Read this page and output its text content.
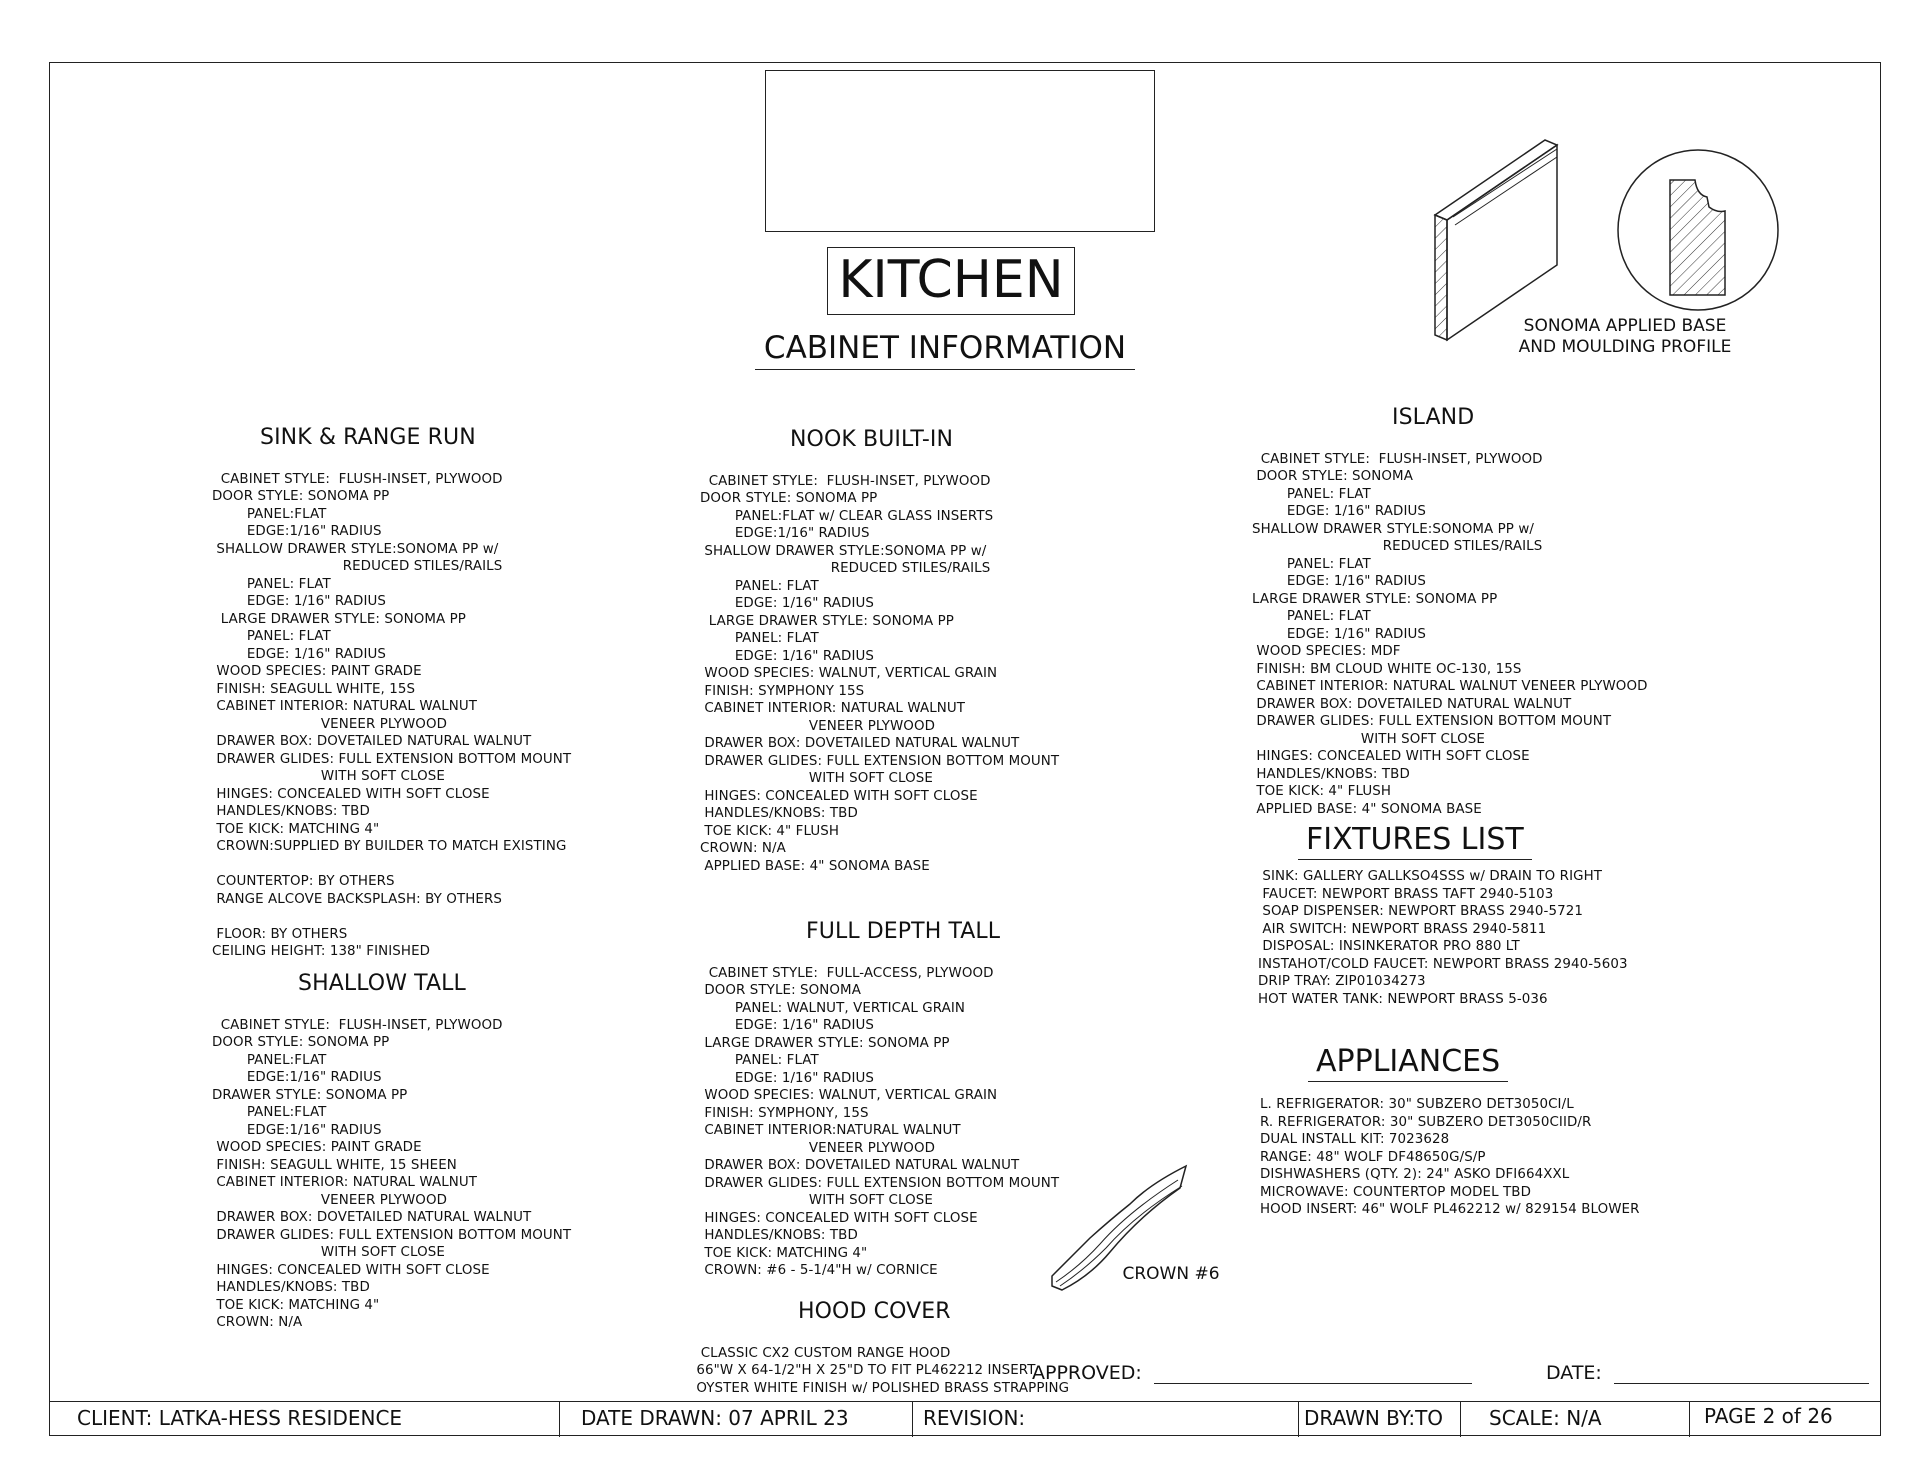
KITCHEN
CABINET INFORMATION
SONOMA APPLIED BASE
AND MOULDING PROFILE

SINK & RANGE RUN

CABINET STYLE:  FLUSH-INSET, PLYWOOD
DOOR STYLE: SONOMA PP
PANEL:FLAT
EDGE:1/16" RADIUS
SHALLOW DRAWER STYLE:SONOMA PP w/
REDUCED STILES/RAILS
PANEL: FLAT
EDGE: 1/16" RADIUS
LARGE DRAWER STYLE: SONOMA PP
PANEL: FLAT
EDGE: 1/16" RADIUS
WOOD SPECIES: PAINT GRADE
FINISH: SEAGULL WHITE, 15S
CABINET INTERIOR: NATURAL WALNUT
VENEER PLYWOOD
DRAWER BOX: DOVETAILED NATURAL WALNUT
DRAWER GLIDES: FULL EXTENSION BOTTOM MOUNT
WITH SOFT CLOSE
HINGES: CONCEALED WITH SOFT CLOSE
HANDLES/KNOBS: TBD
TOE KICK: MATCHING 4"
CROWN:SUPPLIED BY BUILDER TO MATCH EXISTING

COUNTERTOP: BY OTHERS
RANGE ALCOVE BACKSPLASH: BY OTHERS

FLOOR: BY OTHERS
CEILING HEIGHT: 138" FINISHED

SHALLOW TALL

CABINET STYLE:  FLUSH-INSET, PLYWOOD
DOOR STYLE: SONOMA PP
PANEL:FLAT
EDGE:1/16" RADIUS
DRAWER STYLE: SONOMA PP
PANEL:FLAT
EDGE:1/16" RADIUS
WOOD SPECIES: PAINT GRADE
FINISH: SEAGULL WHITE, 15 SHEEN
CABINET INTERIOR: NATURAL WALNUT
VENEER PLYWOOD
DRAWER BOX: DOVETAILED NATURAL WALNUT
DRAWER GLIDES: FULL EXTENSION BOTTOM MOUNT
WITH SOFT CLOSE
HINGES: CONCEALED WITH SOFT CLOSE
HANDLES/KNOBS: TBD
TOE KICK: MATCHING 4"
CROWN: N/A

NOOK BUILT-IN

CABINET STYLE:  FLUSH-INSET, PLYWOOD
DOOR STYLE: SONOMA PP
PANEL:FLAT w/ CLEAR GLASS INSERTS
EDGE:1/16" RADIUS
SHALLOW DRAWER STYLE:SONOMA PP w/
REDUCED STILES/RAILS
PANEL: FLAT
EDGE: 1/16" RADIUS
LARGE DRAWER STYLE: SONOMA PP
PANEL: FLAT
EDGE: 1/16" RADIUS
WOOD SPECIES: WALNUT, VERTICAL GRAIN
FINISH: SYMPHONY 15S
CABINET INTERIOR: NATURAL WALNUT
VENEER PLYWOOD
DRAWER BOX: DOVETAILED NATURAL WALNUT
DRAWER GLIDES: FULL EXTENSION BOTTOM MOUNT
WITH SOFT CLOSE
HINGES: CONCEALED WITH SOFT CLOSE
HANDLES/KNOBS: TBD
TOE KICK: 4" FLUSH
CROWN: N/A
APPLIED BASE: 4" SONOMA BASE

FULL DEPTH TALL

CABINET STYLE:  FULL-ACCESS, PLYWOOD
DOOR STYLE: SONOMA
PANEL: WALNUT, VERTICAL GRAIN
EDGE: 1/16" RADIUS
LARGE DRAWER STYLE: SONOMA PP
PANEL: FLAT
EDGE: 1/16" RADIUS
WOOD SPECIES: WALNUT, VERTICAL GRAIN
FINISH: SYMPHONY, 15S
CABINET INTERIOR:NATURAL WALNUT
VENEER PLYWOOD
DRAWER BOX: DOVETAILED NATURAL WALNUT
DRAWER GLIDES: FULL EXTENSION BOTTOM MOUNT
WITH SOFT CLOSE
HINGES: CONCEALED WITH SOFT CLOSE
HANDLES/KNOBS: TBD
TOE KICK: MATCHING 4"
CROWN: #6 - 5-1/4"H w/ CORNICE	CROWN #6

HOOD COVER

CLASSIC CX2 CUSTOM RANGE HOOD
66"W X 64-1/2"H X 25"D TO FIT PL462212 INSERT
OYSTER WHITE FINISH w/ POLISHED BRASS STRAPPING

ISLAND

CABINET STYLE:  FLUSH-INSET, PLYWOOD
DOOR STYLE: SONOMA
PANEL: FLAT
EDGE: 1/16" RADIUS
SHALLOW DRAWER STYLE:SONOMA PP w/
REDUCED STILES/RAILS
PANEL: FLAT
EDGE: 1/16" RADIUS
LARGE DRAWER STYLE: SONOMA PP
PANEL: FLAT
EDGE: 1/16" RADIUS
WOOD SPECIES: MDF
FINISH: BM CLOUD WHITE OC-130, 15S
CABINET INTERIOR: NATURAL WALNUT VENEER PLYWOOD
DRAWER BOX: DOVETAILED NATURAL WALNUT
DRAWER GLIDES: FULL EXTENSION BOTTOM MOUNT
WITH SOFT CLOSE
HINGES: CONCEALED WITH SOFT CLOSE
HANDLES/KNOBS: TBD
TOE KICK: 4" FLUSH
APPLIED BASE: 4" SONOMA BASE

FIXTURES LIST
SINK: GALLERY GALLKSO4SSS w/ DRAIN TO RIGHT
FAUCET: NEWPORT BRASS TAFT 2940-5103
SOAP DISPENSER: NEWPORT BRASS 2940-5721
AIR SWITCH: NEWPORT BRASS 2940-5811
DISPOSAL: INSINKERATOR PRO 880 LT
INSTAHOT/COLD FAUCET: NEWPORT BRASS 2940-5603
DRIP TRAY: ZIP01034273
HOT WATER TANK: NEWPORT BRASS 5-036
APPLIANCES
L. REFRIGERATOR: 30" SUBZERO DET3050CI/L
R. REFRIGERATOR: 30" SUBZERO DET3050CIID/R
DUAL INSTALL KIT: 7023628
RANGE: 48" WOLF DF48650G/S/P
DISHWASHERS (QTY. 2): 24" ASKO DFI664XXL
MICROWAVE: COUNTERTOP MODEL TBD
HOOD INSERT: 46" WOLF PL462212 w/ 829154 BLOWER
APPROVED:	DATE:
CLIENT: LATKA-HESS RESIDENCE	DATE DRAWN: 07 APRIL 23	REVISION:	DRAWN BY:TO	SCALE: N/A	PAGE 2 of 26
